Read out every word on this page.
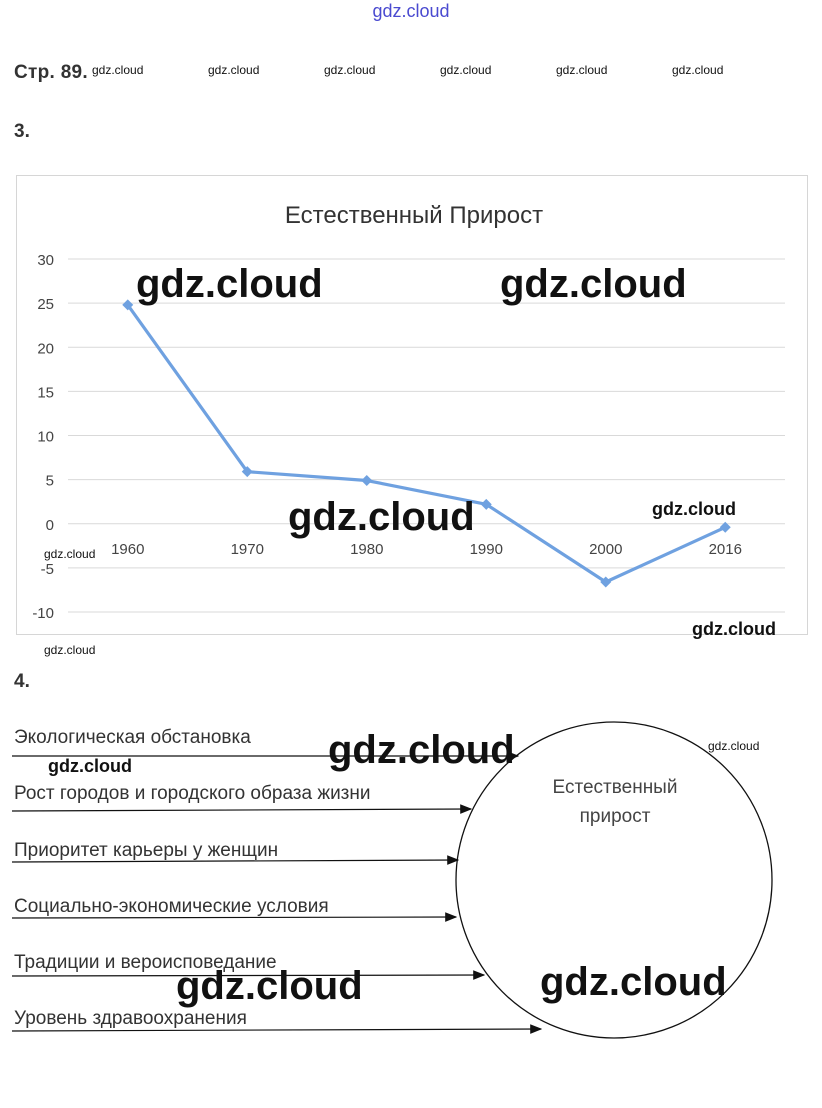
gdz.cloud
Стр. 89. gdz.cloud	gdz.cloud	gdz.cloud	gdz.cloud	gdz.cloud	gdz.cloud
3.
Естественный Прирост
30
25
20
15
10
5
0
-5
-10
1960	1970	1980	1990	2000	2016
gdz.cloud	gdz.cloud
gdz.cloud	gdz.cloud
gdz.cloud
gdz.cloud
gdz.cloud
4.
Экологическая обстановка
Рост городов и городского образа жизни
Приоритет карьеры у женщин
Социально-экономические условия
Традиции и вероисповедание
Уровень здравоохранения
Естественный
прирост
gdz.cloud	gdz.cloud
gdz.cloud
gdz.cloud
gdz.cloud
